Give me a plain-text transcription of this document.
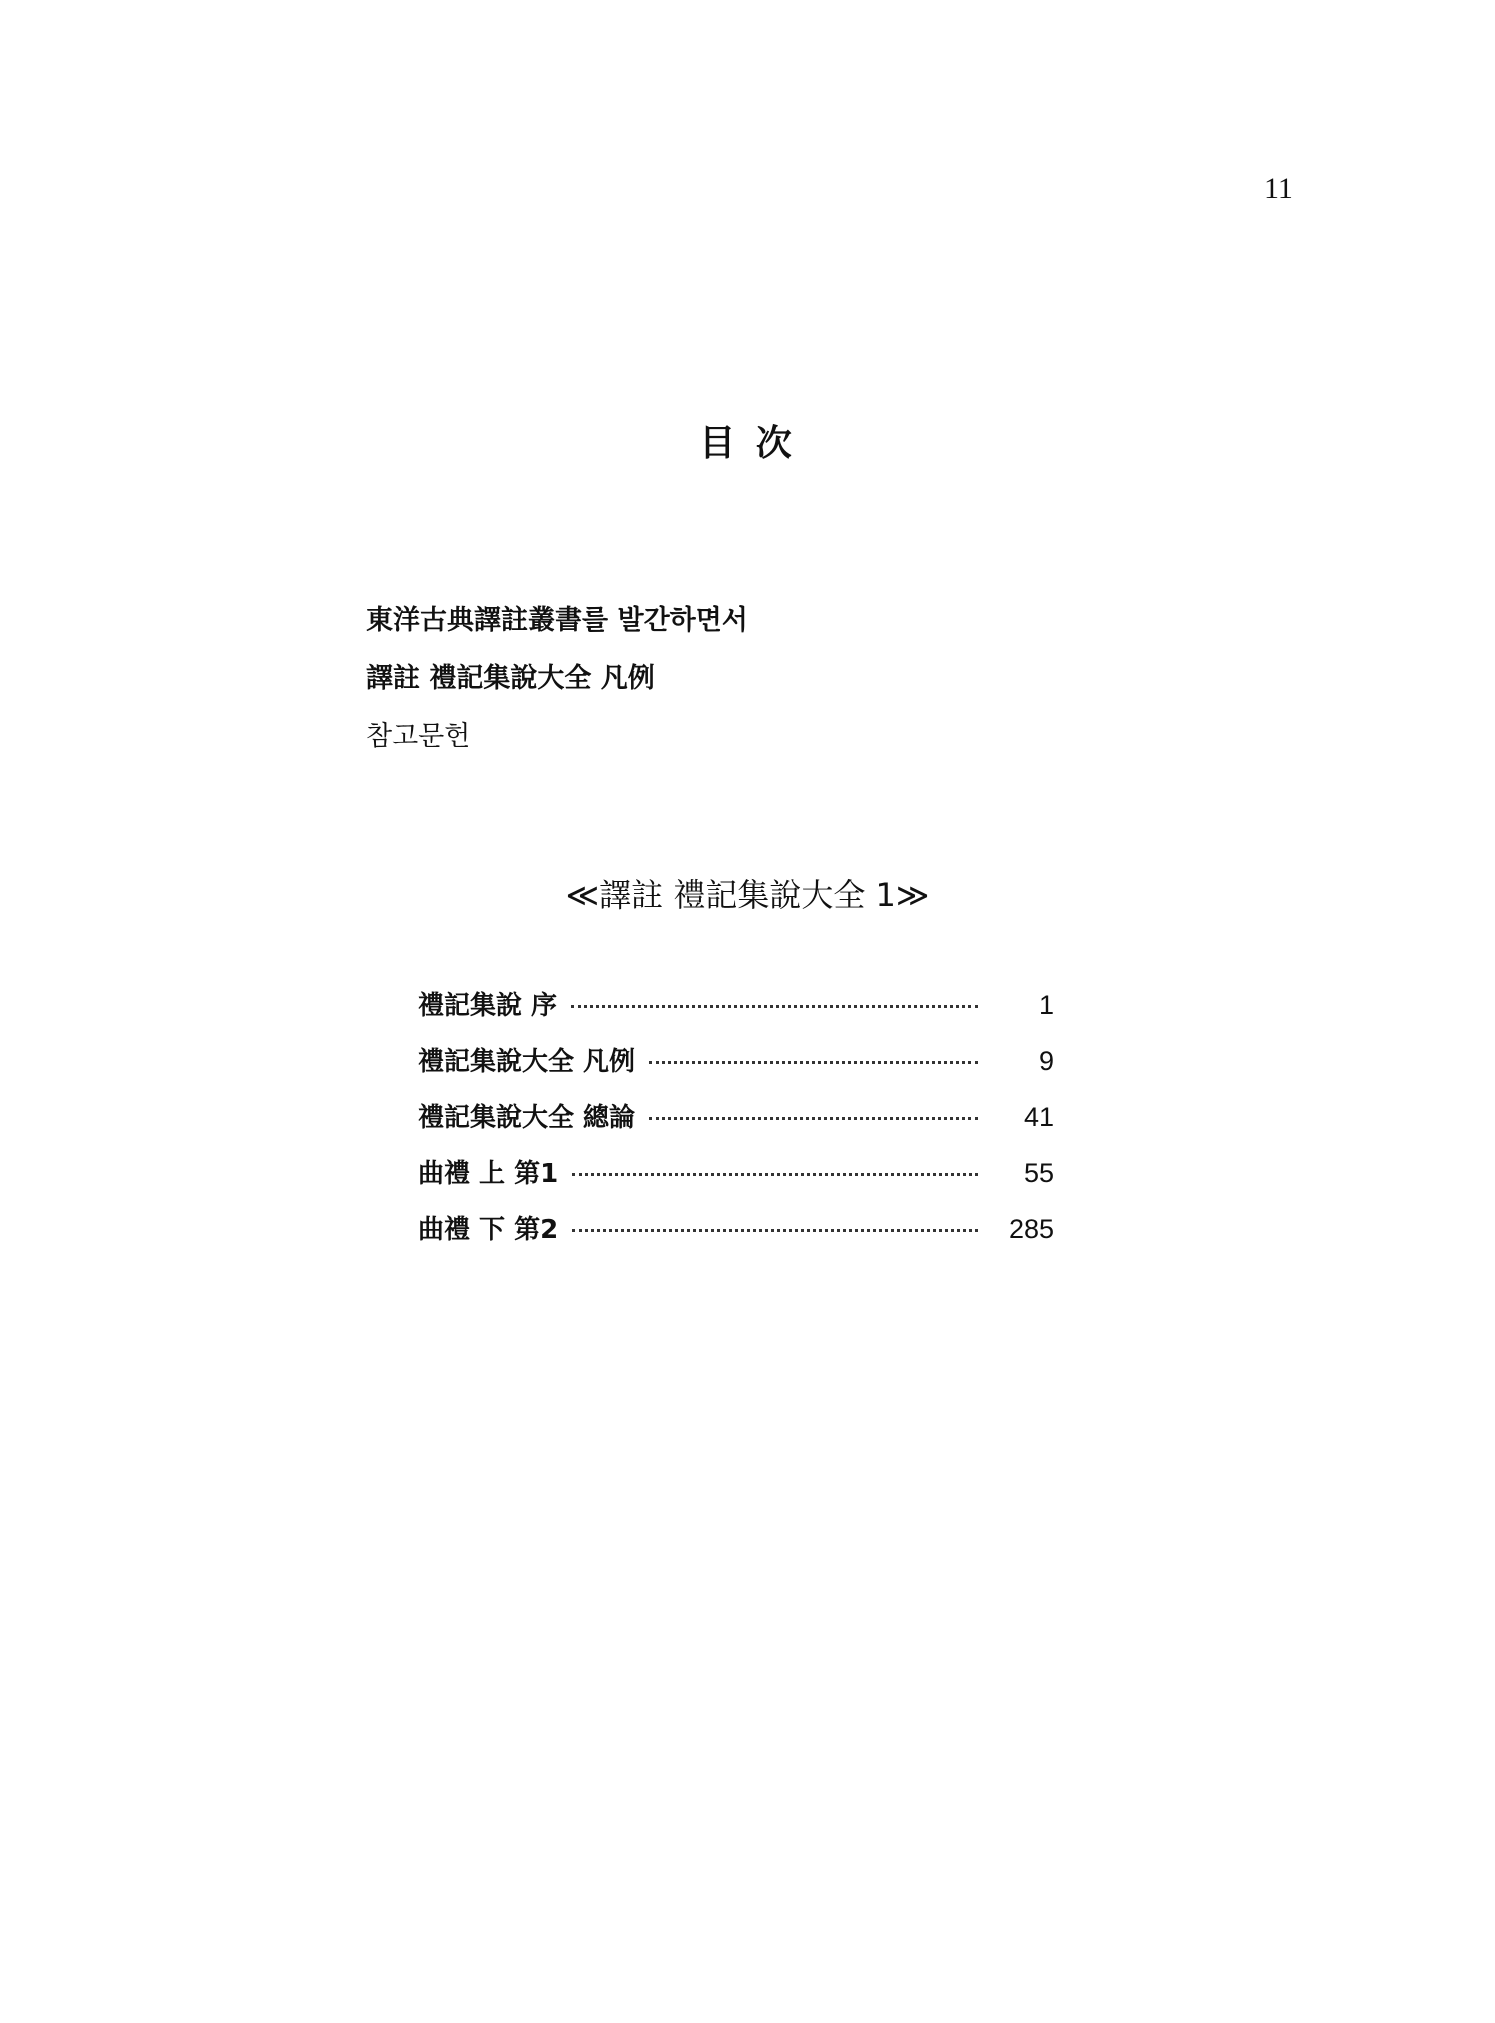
11
目 次
東洋古典譯註叢書를 발간하면서
譯註 禮記集說大全 凡例
참고문헌
≪譯註 禮記集說大全 1≫
禮記集說 序	1
禮記集說大全 凡例	9
禮記集說大全 總論	41
曲禮 上 第1	55
曲禮 下 第2	285
